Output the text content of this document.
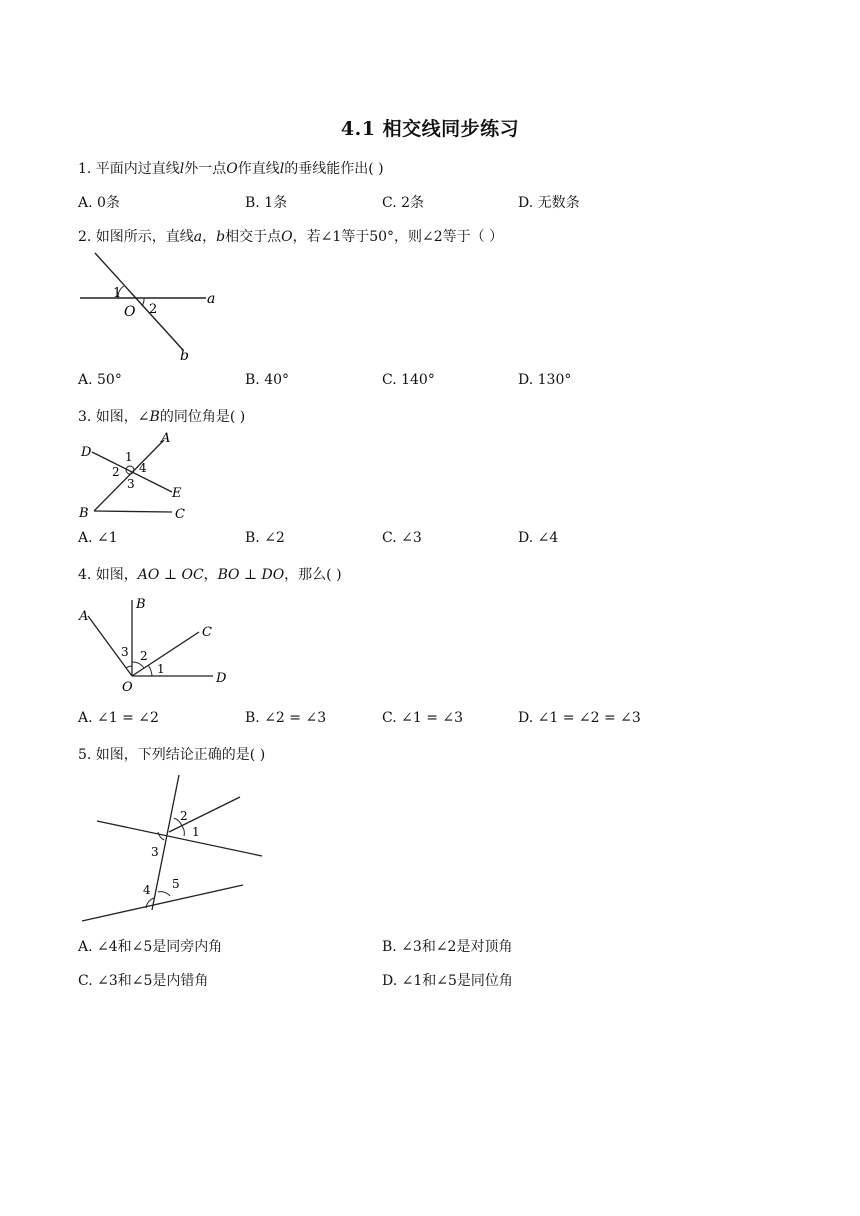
4.1 相交线同步练习
1. 平面内过直线𝑙外一点𝑂作直线𝑙的垂线能作出( )
A. 0条	B. 1条	C. 2条	D. 无数条
2. 如图所示，直线𝑎，𝑏相交于点𝑂，若∠1等于50°，则∠2等于（ ）
1
2
O
a
b
A. 50°	B. 40°	C. 140°	D. 130°
3. 如图，∠𝐵的同位角是( )
D
A
E
B	C
1
2
3
4
A. ∠1	B. ∠2	C. ∠3	D. ∠4
4. 如图，𝐴𝑂 ⊥ 𝑂𝐶，𝐵𝑂 ⊥ 𝐷𝑂，那么( )
A
B
C
D
O
1
2
3
A. ∠1 = ∠2	B. ∠2 = ∠3	C. ∠1 = ∠3	D. ∠1 = ∠2 = ∠3
5. 如图，下列结论正确的是( )
2
1
3
4 5
A. ∠4和∠5是同旁内角	B. ∠3和∠2是对顶角
C. ∠3和∠5是内错角	D. ∠1和∠5是同位角
